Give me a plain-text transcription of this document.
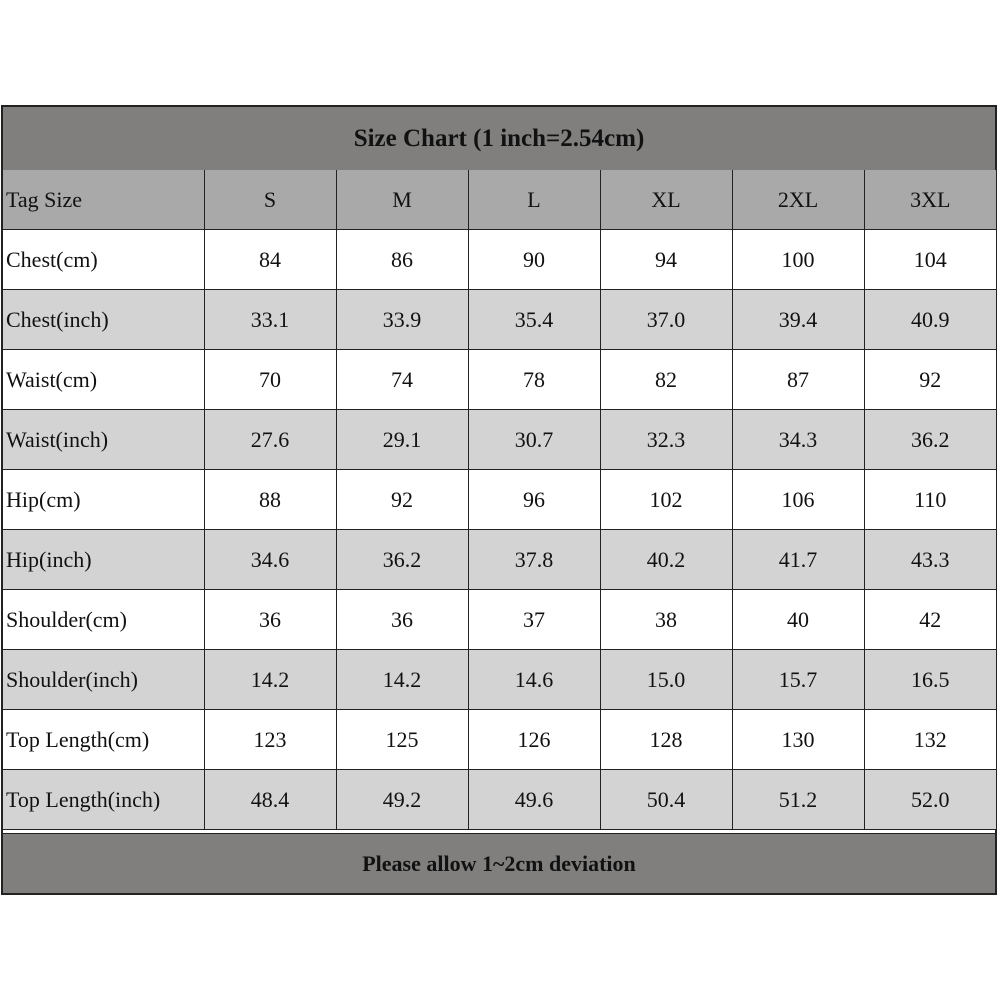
Size Chart (1 inch=2.54cm)
Tag Size	S	M	L	XL	2XL	3XL
Chest(cm)	84	86	90	94	100	104
Chest(inch)	33.1	33.9	35.4	37.0	39.4	40.9
Waist(cm)	70	74	78	82	87	92
Waist(inch)	27.6	29.1	30.7	32.3	34.3	36.2
Hip(cm)	88	92	96	102	106	110
Hip(inch)	34.6	36.2	37.8	40.2	41.7	43.3
Shoulder(cm)	36	36	37	38	40	42
Shoulder(inch)	14.2	14.2	14.6	15.0	15.7	16.5
Top Length(cm)	123	125	126	128	130	132
Top Length(inch)	48.4	49.2	49.6	50.4	51.2	52.0
Please allow 1~2cm deviation
